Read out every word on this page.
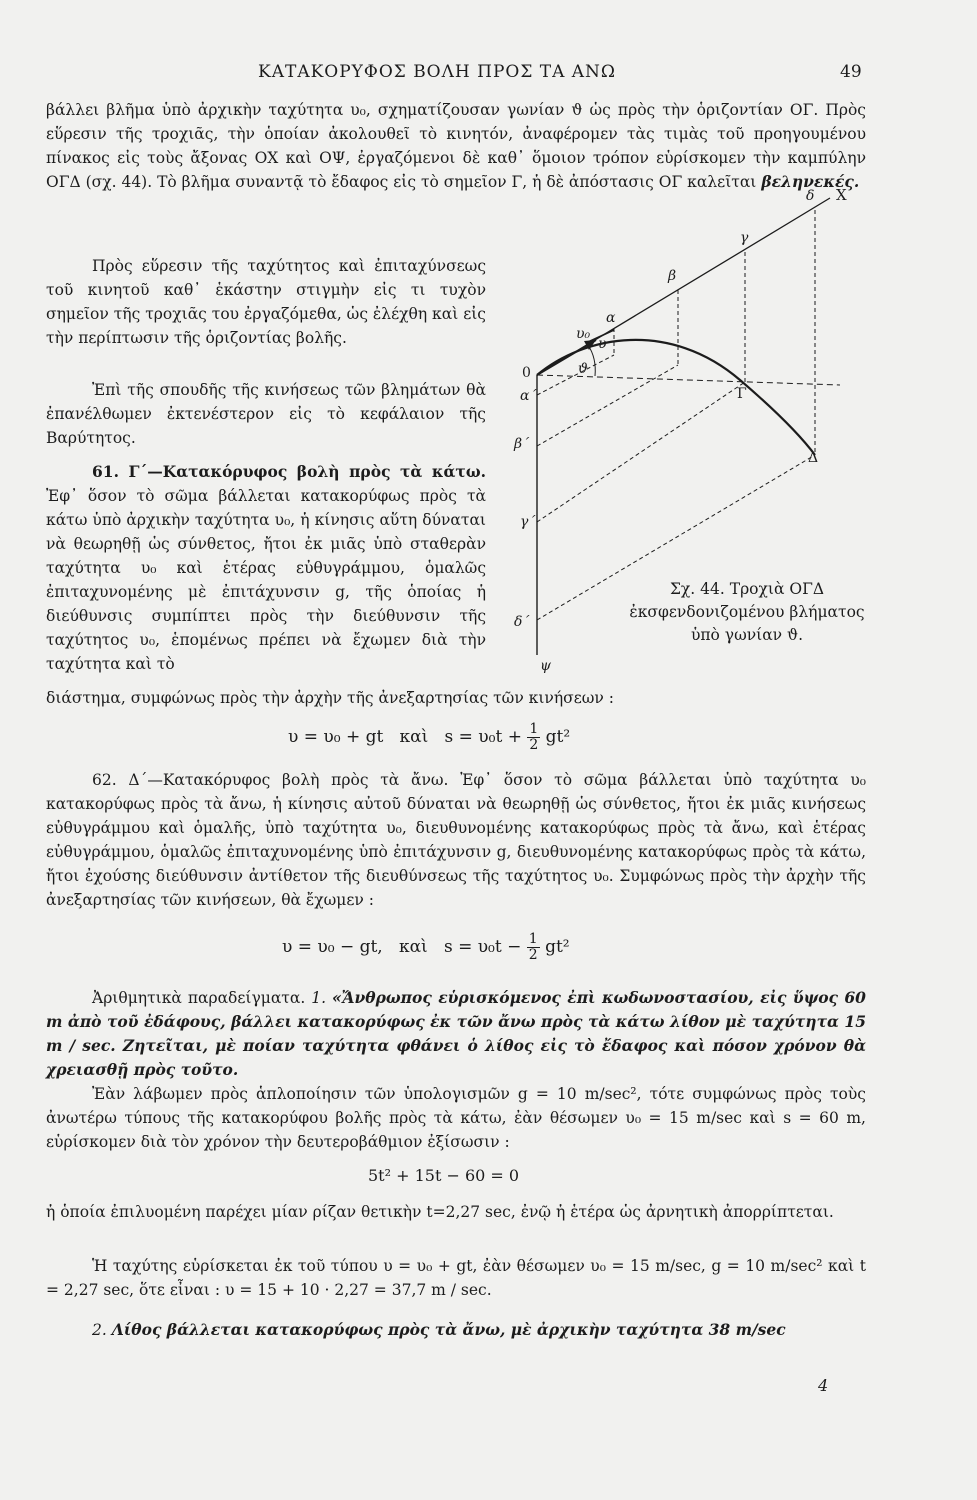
ΚΑΤΑΚΟΡΥΦΟΣ ΒΟΛΗ ΠΡΟΣ ΤΑ ΑΝΩ	49

βάλλει βλῆμα ὑπὸ ἀρχικὴν ταχύτητα υ₀, σχηματίζουσαν γωνίαν ϑ ὡς πρὸς τὴν ὁριζοντίαν ΟΓ. Πρὸς εὕρεσιν τῆς τροχιᾶς, τὴν ὁποίαν ἀκολουθεῖ τὸ κινητόν, ἀναφέρομεν τὰς τιμὰς τοῦ προηγουμένου πίνακος εἰς τοὺς ἄξονας ΟΧ καὶ ΟΨ, ἐργαζόμενοι δὲ καθ᾽ ὅμοιον τρόπον εὑρίσκομεν τὴν καμπύλην ΟΓΔ (σχ. 44). Τὸ βλῆμα συναντᾷ τὸ ἔδαφος εἰς τὸ σημεῖον Γ, ἡ δὲ ἀπόστασις ΟΓ καλεῖται βεληνεκές.

Πρὸς εὕρεσιν τῆς ταχύτητος καὶ ἐπιταχύνσεως τοῦ κινητοῦ καθ᾽ ἑκάστην στιγμὴν εἰς τι τυχὸν σημεῖον τῆς τροχιᾶς του ἐργαζόμεθα, ὡς ἐλέχθη καὶ εἰς τὴν περίπτωσιν τῆς ὁριζοντίας βολῆς.

Ἐπὶ τῆς σπουδῆς τῆς κινήσεως τῶν βλημάτων θὰ ἐπανέλθωμεν ἐκτενέστερον εἰς τὸ κεφάλαιον τῆς Βαρύτητος.

61. Γ΄—Κατακόρυφος βολὴ πρὸς τὰ κάτω. Ἐφ᾽ ὅσον τὸ σῶμα βάλλεται κατακορύφως πρὸς τὰ κάτω ὑπὸ ἀρχικὴν ταχύτητα υ₀, ἡ κίνησις αὕτη δύναται νὰ θεωρηθῇ ὡς σύνθετος, ἤτοι ἐκ μιᾶς ὑπὸ σταθερὰν ταχύτητα υ₀ καὶ ἑτέρας εὐθυγράμμου, ὁμαλῶς ἐπιταχυνομένης μὲ ἐπιτάχυνσιν g, τῆς ὁποίας ἡ διεύθυνσις συμπίπτει πρὸς τὴν διεύθυνσιν τῆς ταχύτητος υ₀, ἑπομένως πρέπει νὰ ἔχωμεν διὰ τὴν ταχύτητα καὶ τὸ

διάστημα, συμφώνως πρὸς τὴν ἀρχὴν τῆς ἀνεξαρτησίας τῶν κινήσεων :

υ = υ₀ + gt καὶ $s = \upsilon_0t + \frac{1}{2} gt^2$

62. Δ΄—Κατακόρυφος βολὴ πρὸς τὰ ἄνω. Ἐφ᾽ ὅσον τὸ σῶμα βάλλεται ὑπὸ ταχύτητα υ₀ κατακορύφως πρὸς τὰ ἄνω, ἡ κίνησις αὐτοῦ δύναται νὰ θεωρηθῇ ὡς σύνθετος, ἤτοι ἐκ μιᾶς κινήσεως εὐθυγράμμου καὶ ὁμαλῆς, ὑπὸ ταχύτητα υ₀, διευθυνομένης κατακορύφως πρὸς τὰ ἄνω, καὶ ἑτέρας εὐθυγράμμου, ὁμαλῶς ἐπιταχυνομένης ὑπὸ ἐπιτάχυνσιν g, διευθυνομένης κατακορύφως πρὸς τὰ κάτω, ἤτοι ἐχούσης διεύθυνσιν ἀντίθετον τῆς διευθύνσεως τῆς ταχύτητος υ₀. Συμφώνως πρὸς τὴν ἀρχὴν τῆς ἀνεξαρτησίας τῶν κινήσεων, θὰ ἔχωμεν :

υ = υ₀ − gt, καὶ $s = \upsilon_0t - \frac{1}{2} gt^2$

Ἀριθμητικὰ παραδείγματα. 1. «Ἄνθρωπος εὑρισκόμενος ἐπὶ κωδωνοστασίου, εἰς ὕψος 60 m ἀπὸ τοῦ ἐδάφους, βάλλει κατακορύφως ἐκ τῶν ἄνω πρὸς τὰ κάτω λίθον μὲ ταχύτητα 15 m / sec. Ζητεῖται, μὲ ποίαν ταχύτητα φθάνει ὁ λίθος εἰς τὸ ἔδαφος καὶ πόσον χρόνον θὰ χρειασθῇ πρὸς τοῦτο.

Ἐὰν λάβωμεν πρὸς ἁπλοποίησιν τῶν ὑπολογισμῶν g = 10 m/sec², τότε συμφώνως πρὸς τοὺς ἀνωτέρω τύπους τῆς κατακορύφου βολῆς πρὸς τὰ κάτω, ἐὰν θέσωμεν υ₀ = 15 m/sec καὶ s = 60 m, εὑρίσκομεν διὰ τὸν χρόνον τὴν δευτεροβάθμιον ἐξίσωσιν :

5t² + 15t − 60 = 0

ἡ ὁποία ἐπιλυομένη παρέχει μίαν ρίζαν θετικὴν t=2,27 sec, ἐνῷ ἡ ἑτέρα ὡς ἀρνητικὴ ἀπορρίπτεται.

Ἡ ταχύτης εὑρίσκεται ἐκ τοῦ τύπου υ = υ₀ + gt, ἐὰν θέσωμεν υ₀ = 15 m/sec, g = 10 m/sec² καὶ t = 2,27 sec, ὅτε εἶναι : υ = 15 + 10 · 2,27 = 37,7 m / sec.

2. Λίθος βάλλεται κατακορύφως πρὸς τὰ ἄνω, μὲ ἀρχικὴν ταχύτητα 38 m/sec

4
0
Χ
Γ
Δ
α
β
γ
δ
α΄
β΄
γ΄
δ΄
ψ
ϑ
υ₀
υ
Σχ. 44. Τροχιὰ ΟΓΔ ἐκσφενδονιζομένου βλήματος ὑπὸ γωνίαν ϑ.
